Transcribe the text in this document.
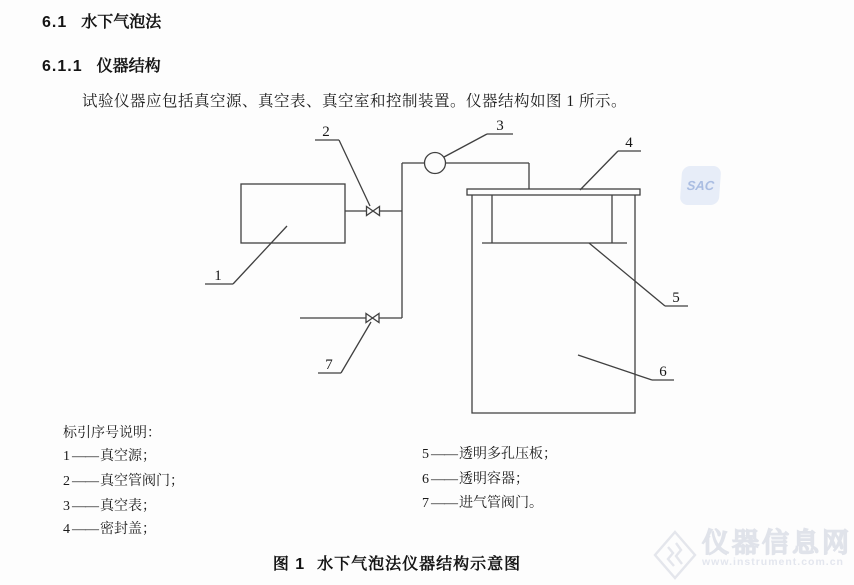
6.1 水下气泡法
6.1.1 仪器结构
试验仪器应包括真空源、真空表、真空室和控制装置。仪器结构如图 1 所示。
SAC
1
2	3
4
5
6
7
标引序号说明：
1 —— 真空源；
2 —— 真空管阀门；
3 —— 真空表；
4 —— 密封盖；
5 —— 透明多孔压板；
6 —— 透明容器；
7 —— 进气管阀门。
图 1 水下气泡法仪器结构示意图
仪器信息网
www.instrument.com.cn
